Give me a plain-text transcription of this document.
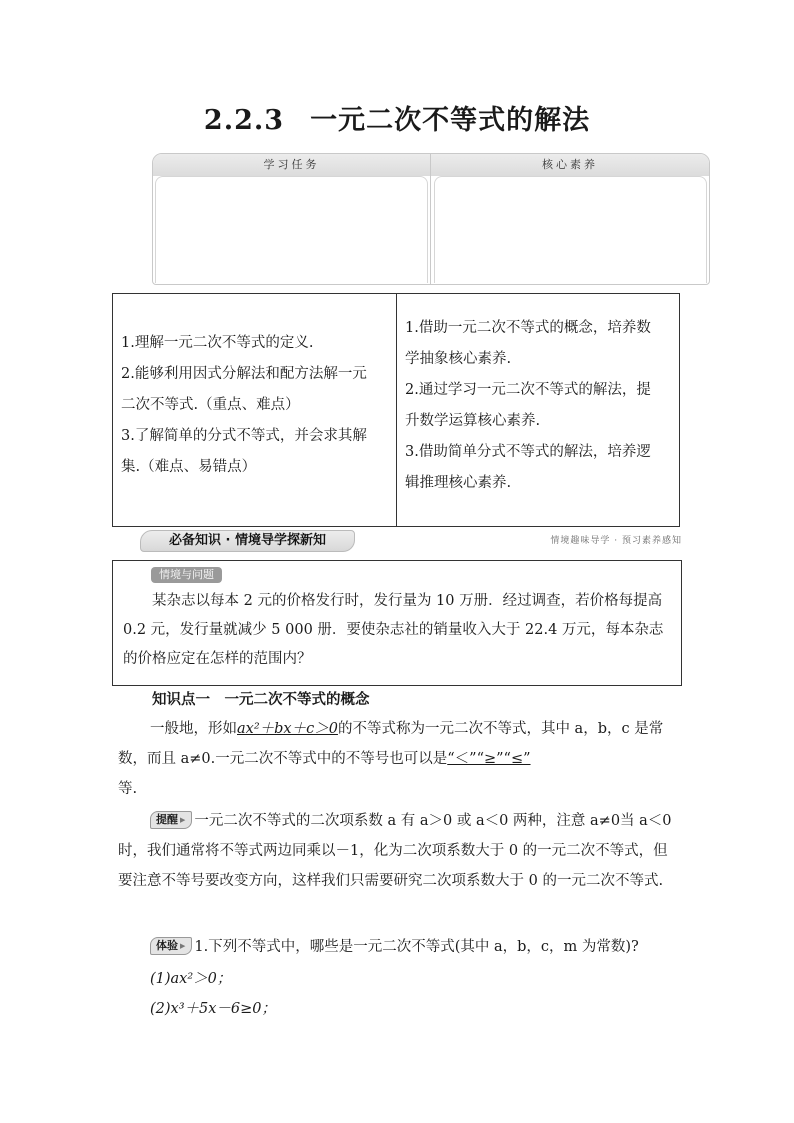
2.2.3 一元二次不等式的解法
学习任务	核心素养

1.理解一元二次不等式的定义.

2.能够利用因式分解法和配方法解一元

二次不等式.（重点、难点）

3.了解简单的分式不等式，并会求其解

集.（难点、易错点）

1.借助一元二次不等式的概念，培养数

学抽象核心素养.

2.通过学习一元二次不等式的解法，提

升数学运算核心素养.

3.借助简单分式不等式的解法，培养逻

辑推理核心素养.

必备知识 · 情境导学探新知	情境趣味导学 · 预习素养感知
情境与问题
某杂志以每本 2 元的价格发行时，发行量为 10 万册．经过调查，若价格每提高 0.2 元，发行量就减少 5 000 册．要使杂志社的销量收入大于 22.4 万元，每本杂志的价格应定在怎样的范围内？
知识点一　一元二次不等式的概念
一般地，形如ax²＋bx＋c＞0的不等式称为一元二次不等式，其中 a，b，c 是常数，而且 a≠0.一元二次不等式中的不等号也可以是“＜”“≥”“≤”
等.
提醒 ▶ 一元二次不等式的二次项系数 a 有 a＞0 或 a＜0 两种，注意 a≠0当 a＜0 时，我们通常将不等式两边同乘以－1，化为二次项系数大于 0 的一元二次不等式，但要注意不等号要改变方向，这样我们只需要研究二次项系数大于 0 的一元二次不等式.
体验 ▶ 1.下列不等式中，哪些是一元二次不等式(其中 a，b，c，m 为常数)?
(1)ax²＞0；
(2)x³＋5x－6≥0；
